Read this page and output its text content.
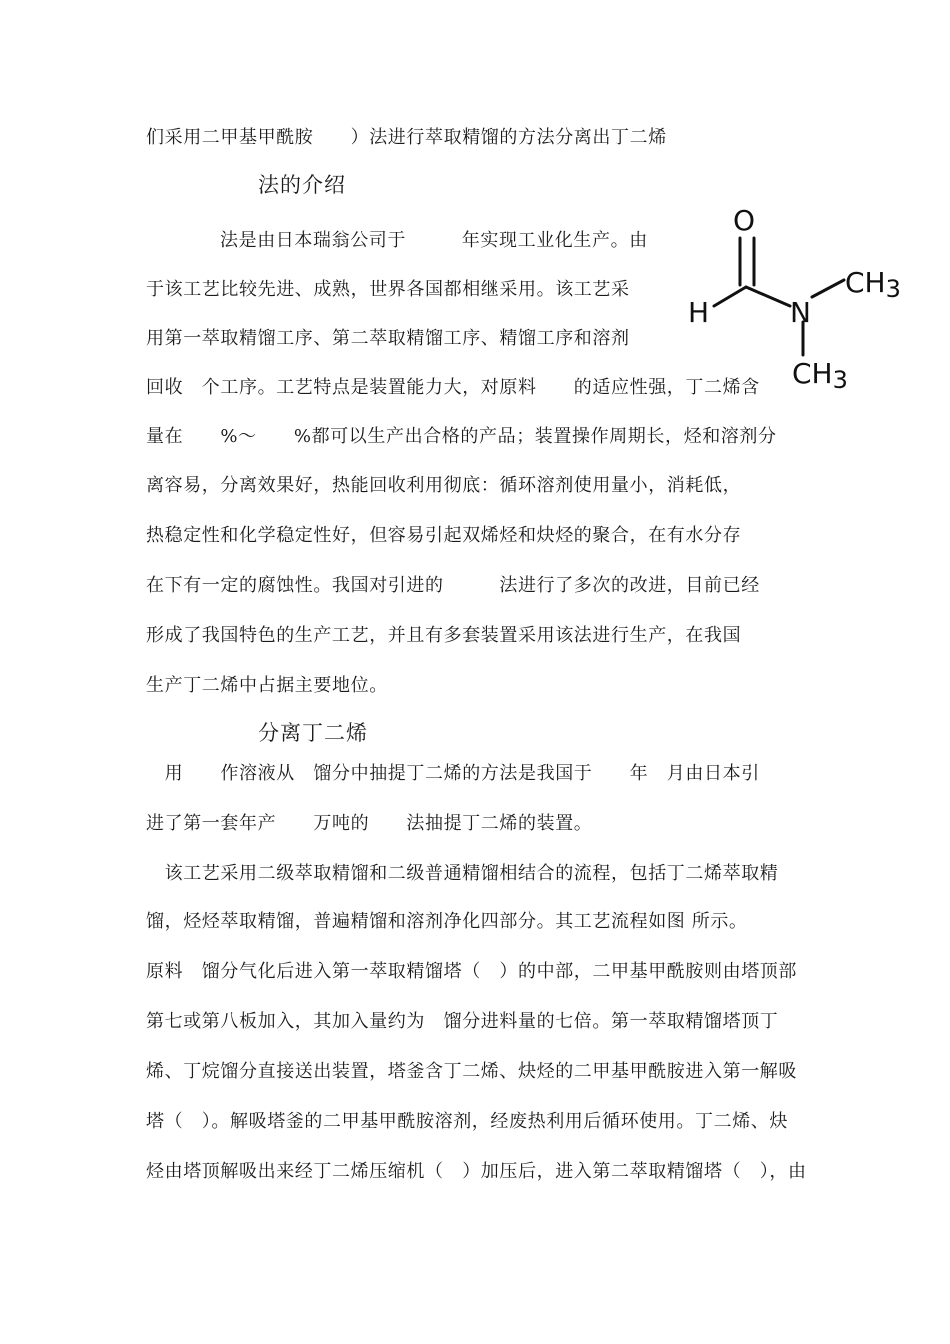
们采用二甲基甲酰胺　　）法进行萃取精馏的方法分离出丁二烯
法的介绍
法是由日本瑞翁公司于　　　年实现工业化生产。由
于该工艺比较先进、成熟，世界各国都相继采用。该工艺采
用第一萃取精馏工序、第二萃取精馏工序、精馏工序和溶剂
回收　个工序。工艺特点是装置能力大，对原料　　的适应性强，丁二烯含
量在　　%～　　%都可以生产出合格的产品；装置操作周期长，烃和溶剂分
离容易，分离效果好，热能回收利用彻底：循环溶剂使用量小，消耗低，
热稳定性和化学稳定性好，但容易引起双烯烃和炔烃的聚合，在有水分存
在下有一定的腐蚀性。我国对引进的　　　法进行了多次的改进，目前已经
形成了我国特色的生产工艺，并且有多套装置采用该法进行生产，在我国
生产丁二烯中占据主要地位。
分离丁二烯
　用　　作溶液从　馏分中抽提丁二烯的方法是我国于　　年　月由日本引
进了第一套年产　　万吨的　　法抽提丁二烯的装置。
　该工艺采用二级萃取精馏和二级普通精馏相结合的流程，包括丁二烯萃取精
馏，烃烃萃取精馏，普遍精馏和溶剂净化四部分。其工艺流程如图 所示。
原料　馏分气化后进入第一萃取精馏塔（　）的中部，二甲基甲酰胺则由塔顶部
第七或第八板加入，其加入量约为　馏分进料量的七倍。第一萃取精馏塔顶丁
烯、丁烷馏分直接送出装置，塔釜含丁二烯、炔烃的二甲基甲酰胺进入第一解吸
塔（　）。解吸塔釜的二甲基甲酰胺溶剂，经废热利用后循环使用。丁二烯、炔
烃由塔顶解吸出来经丁二烯压缩机（　）加压后，进入第二萃取精馏塔（　），由
O
H	N
CH3
CH3
